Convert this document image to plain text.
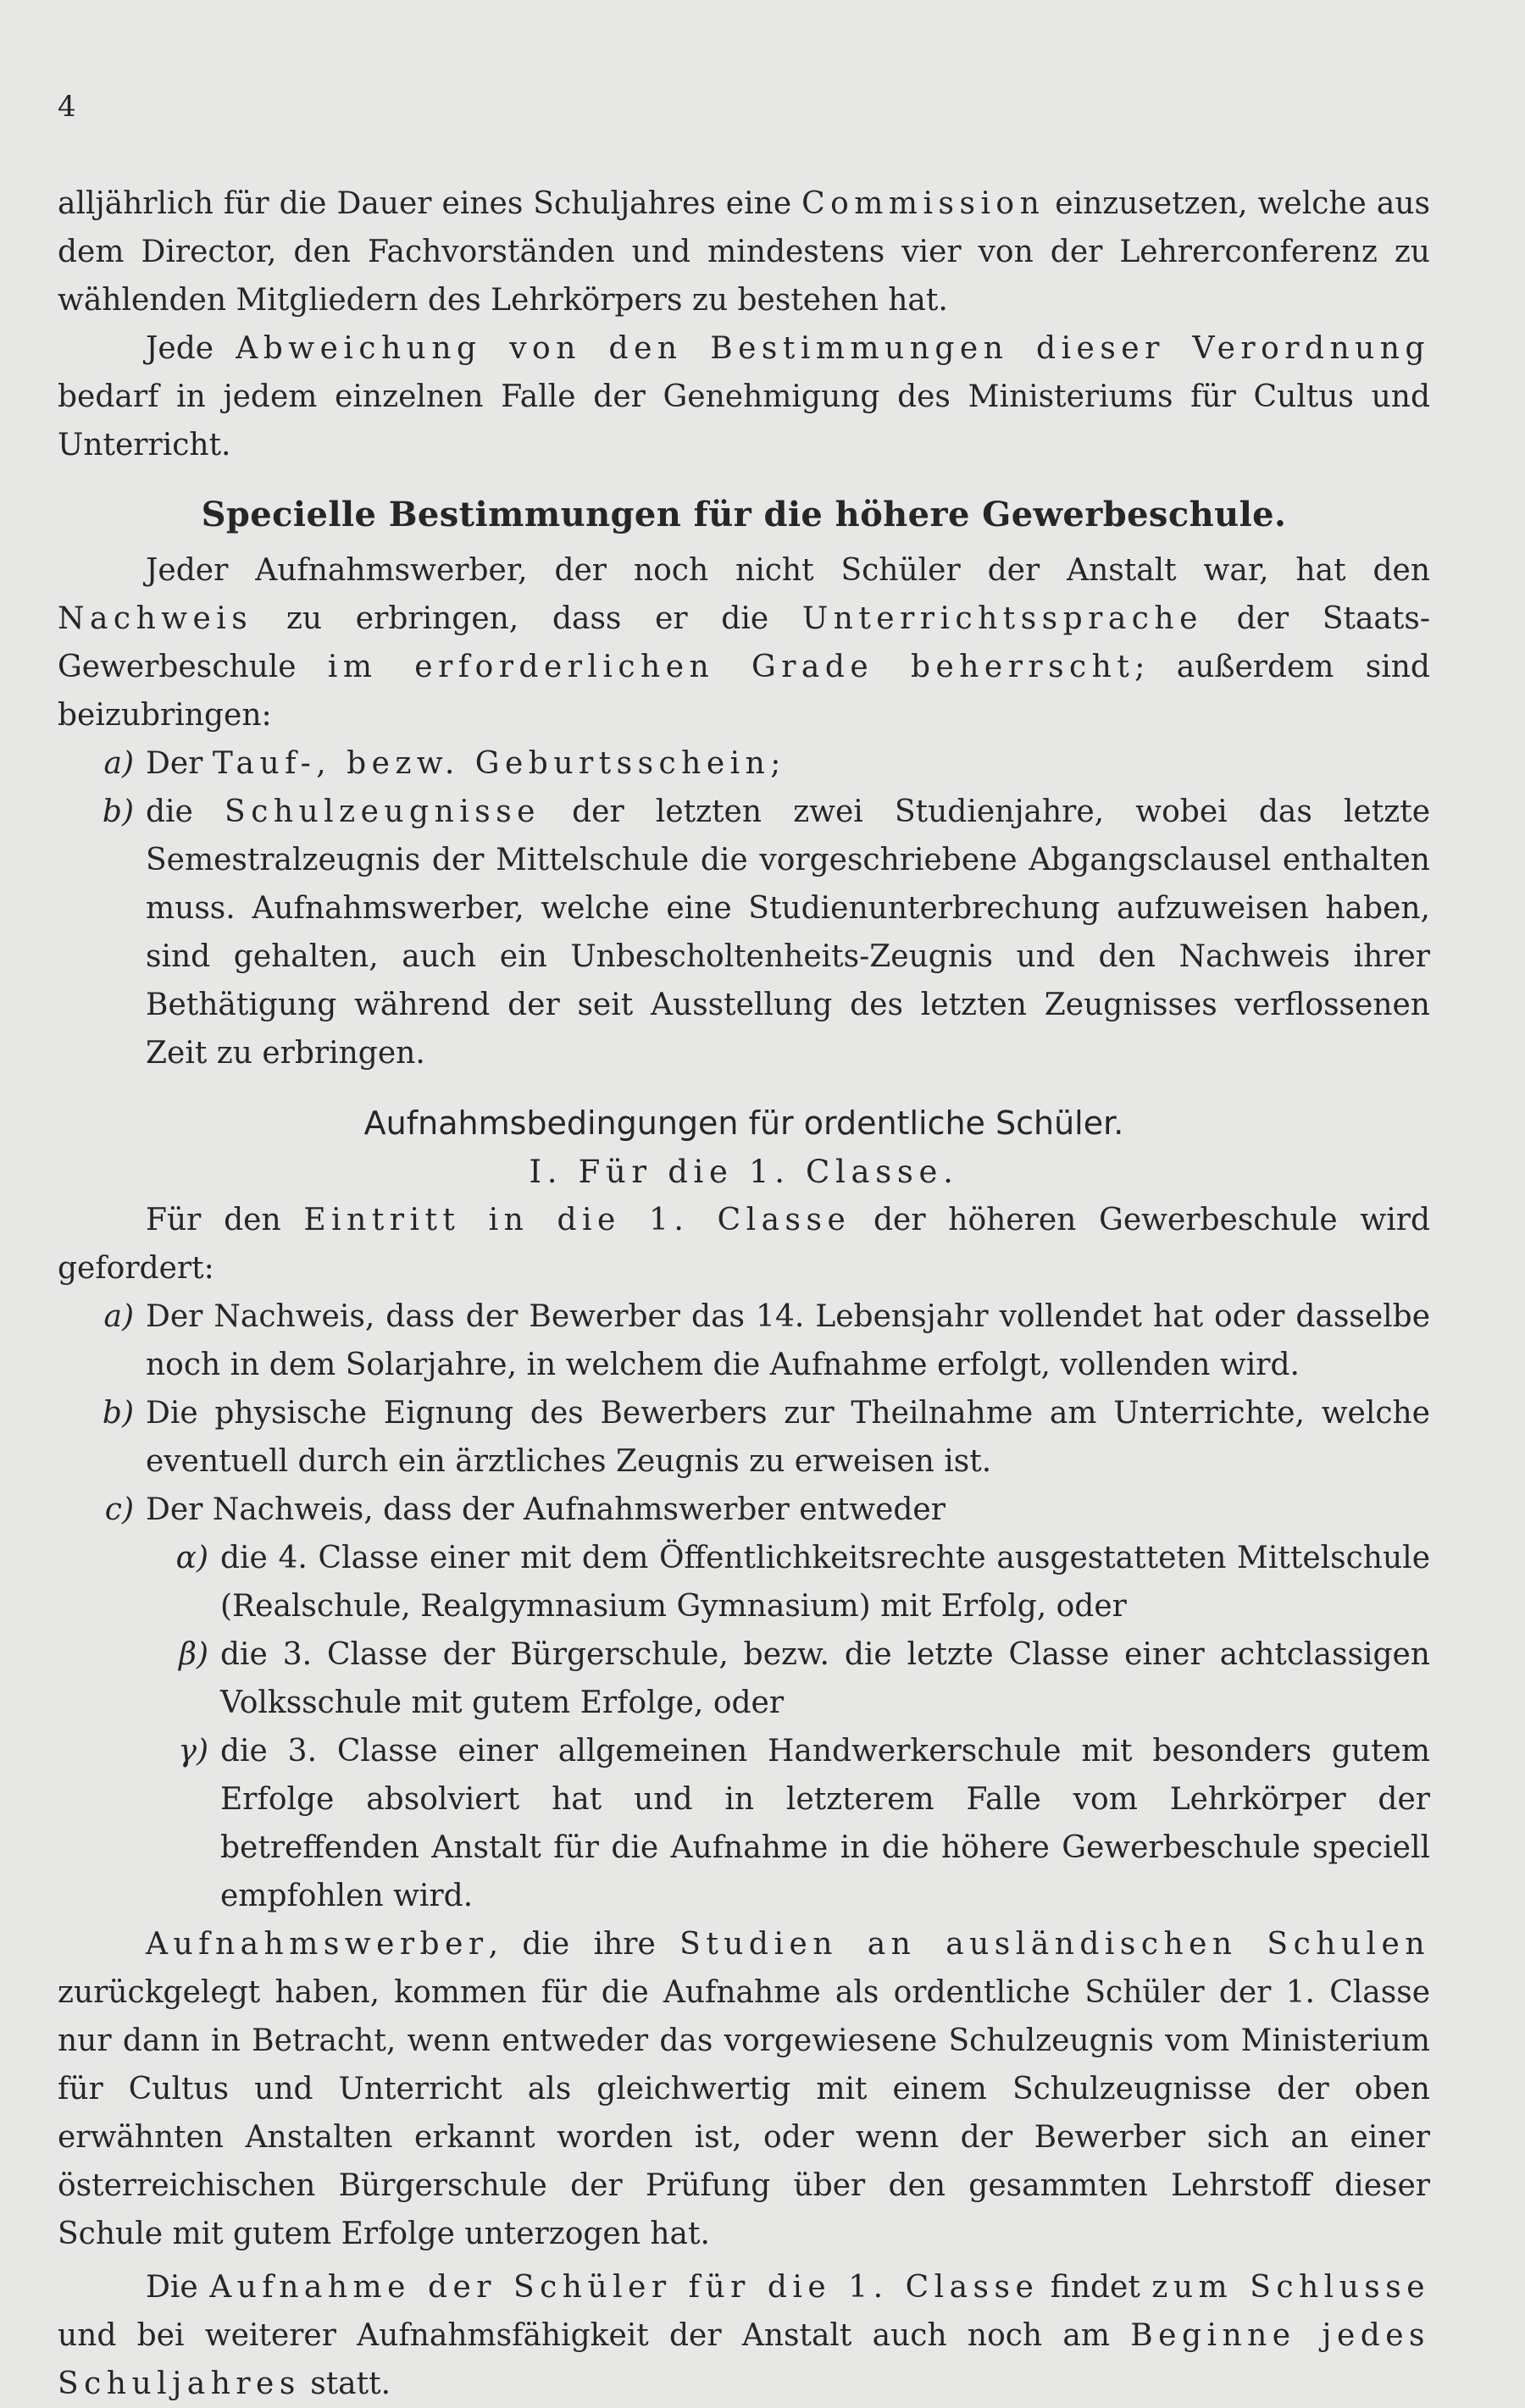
4

alljährlich für die Dauer eines Schuljahres eine Commission einzusetzen, welche aus dem Director, den Fachvorständen und mindestens vier von der Lehrerconferenz zu wählenden Mitgliedern des Lehrkörpers zu bestehen hat.

Jede Abweichung von den Bestimmungen dieser Verordnung bedarf in jedem einzelnen Falle der Genehmigung des Ministeriums für Cultus und Unterricht.

Specielle Bestimmungen für die höhere Gewerbeschule.

Jeder Aufnahmswerber, der noch nicht Schüler der Anstalt war, hat den Nachweis zu erbringen, dass er die Unterrichtssprache der Staats-Gewerbeschule im erforderlichen Grade beherrscht; außerdem sind beizubringen:

a) Der Tauf-, bezw. Geburtsschein;

b) die Schulzeugnisse der letzten zwei Studienjahre, wobei das letzte Semestralzeugnis der Mittelschule die vorgeschriebene Abgangsclausel enthalten muss. Aufnahmswerber, welche eine Studienunterbrechung aufzuweisen haben, sind gehalten, auch ein Unbescholtenheits-Zeugnis und den Nachweis ihrer Bethätigung während der seit Ausstellung des letzten Zeugnisses verflossenen Zeit zu erbringen.

Aufnahmsbedingungen für ordentliche Schüler.
I. Für die 1. Classe.

Für den Eintritt in die 1. Classe der höheren Gewerbeschule wird gefordert:

a) Der Nachweis, dass der Bewerber das 14. Lebensjahr vollendet hat oder dasselbe noch in dem Solarjahre, in welchem die Aufnahme erfolgt, vollenden wird.

b) Die physische Eignung des Bewerbers zur Theilnahme am Unterrichte, welche eventuell durch ein ärztliches Zeugnis zu erweisen ist.

c) Der Nachweis, dass der Aufnahmswerber entweder

α) die 4. Classe einer mit dem Öffentlichkeitsrechte ausgestatteten Mittelschule (Realschule, Realgymnasium Gymnasium) mit Erfolg, oder

β) die 3. Classe der Bürgerschule, bezw. die letzte Classe einer achtclassigen Volksschule mit gutem Erfolge, oder

γ) die 3. Classe einer allgemeinen Handwerkerschule mit besonders gutem Erfolge absolviert hat und in letzterem Falle vom Lehrkörper der betreffenden Anstalt für die Aufnahme in die höhere Gewerbeschule speciell empfohlen wird.

Aufnahmswerber, die ihre Studien an ausländischen Schulen zurückgelegt haben, kommen für die Aufnahme als ordentliche Schüler der 1. Classe nur dann in Betracht, wenn entweder das vorgewiesene Schulzeugnis vom Ministerium für Cultus und Unterricht als gleichwertig mit einem Schulzeugnisse der oben erwähnten Anstalten erkannt worden ist, oder wenn der Bewerber sich an einer österreichischen Bürgerschule der Prüfung über den gesammten Lehrstoff dieser Schule mit gutem Erfolge unterzogen hat.

Die Aufnahme der Schüler für die 1. Classe findet zum Schlusse und bei weiterer Aufnahmsfähigkeit der Anstalt auch noch am Beginne jedes Schuljahres statt.
